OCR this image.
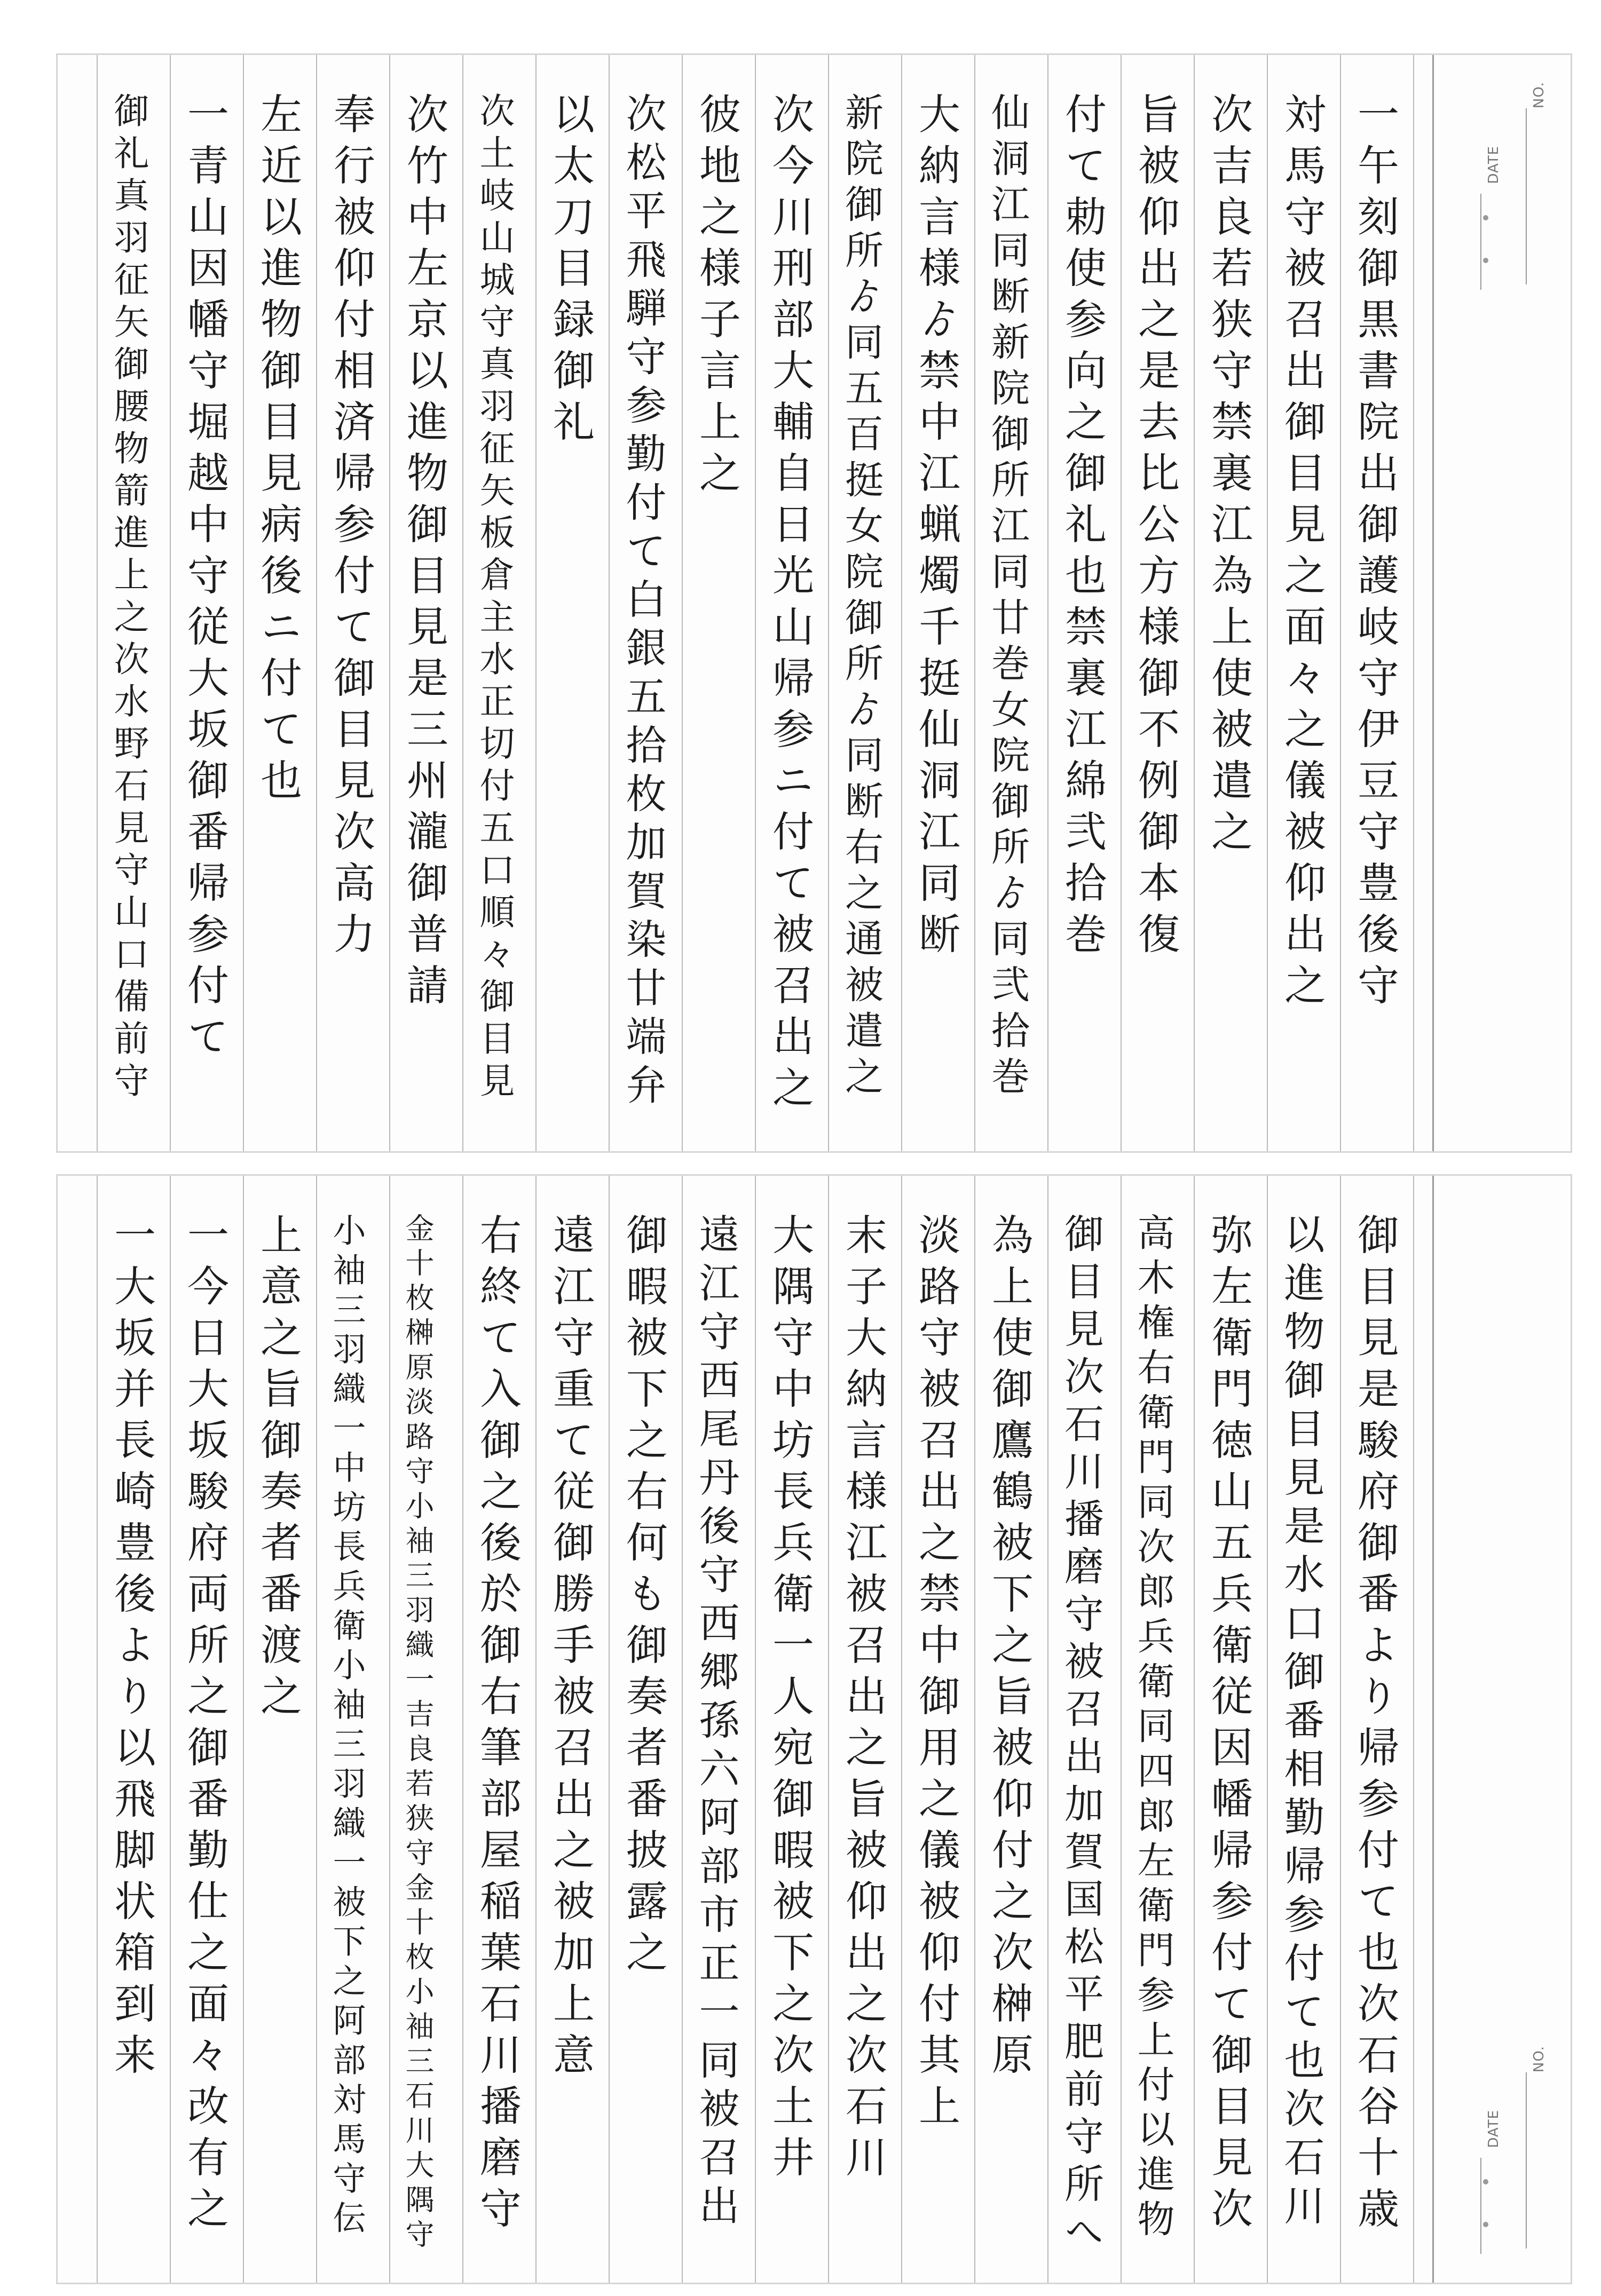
NO.
DATE
一午刻御黒書院出御護岐守伊豆守豊後守
対馬守被召出御目見之面々之儀被仰出之
次吉良若狭守禁裏江為上使被遣之
旨被仰出之是去比公方様御不例御本復
付て勅使参向之御礼也禁裏江綿弐拾巻
仙洞江同断新院御所江同廿巻女院御所ゟ同弐拾巻
大納言様ゟ禁中江蝋燭千挺仙洞江同断
新院御所ゟ同五百挺女院御所ゟ同断右之通被遣之
次今川刑部大輔自日光山帰参ニ付て被召出之
彼地之様子言上之
次松平飛騨守参勤付て白銀五拾枚加賀染廿端弁
以太刀目録御礼
次土岐山城守真羽征矢板倉主水正切付五口順々御目見
次竹中左京以進物御目見是三州瀧御普請
奉行被仰付相済帰参付て御目見次高力
左近以進物御目見病後ニ付て也
一青山因幡守堀越中守従大坂御番帰参付て
御礼真羽征矢御腰物箭進上之次水野石見守山口備前守
NO.
DATE
御目見是駿府御番より帰参付て也次石谷十歳
以進物御目見是水口御番相勤帰参付て也次石川
弥左衛門徳山五兵衛従因幡帰参付て御目見次
高木権右衛門同次郎兵衛同四郎左衛門参上付以進物
御目見次石川播磨守被召出加賀国松平肥前守所へ
為上使御鷹鶴被下之旨被仰付之次榊原
淡路守被召出之禁中御用之儀被仰付其上
末子大納言様江被召出之旨被仰出之次石川
大隅守中坊長兵衛一人宛御暇被下之次土井
遠江守西尾丹後守西郷孫六阿部市正一同被召出
御暇被下之右何も御奏者番披露之
遠江守重て従御勝手被召出之被加上意
右終て入御之後於御右筆部屋稲葉石川播磨守
金十枚榊原淡路守小袖三羽織一吉良若狭守金十枚小袖三石川大隅守
小袖三羽織一中坊長兵衛小袖三羽織一被下之阿部対馬守伝
上意之旨御奏者番渡之
一今日大坂駿府両所之御番勤仕之面々改有之
一大坂并長崎豊後より以飛脚状箱到来
